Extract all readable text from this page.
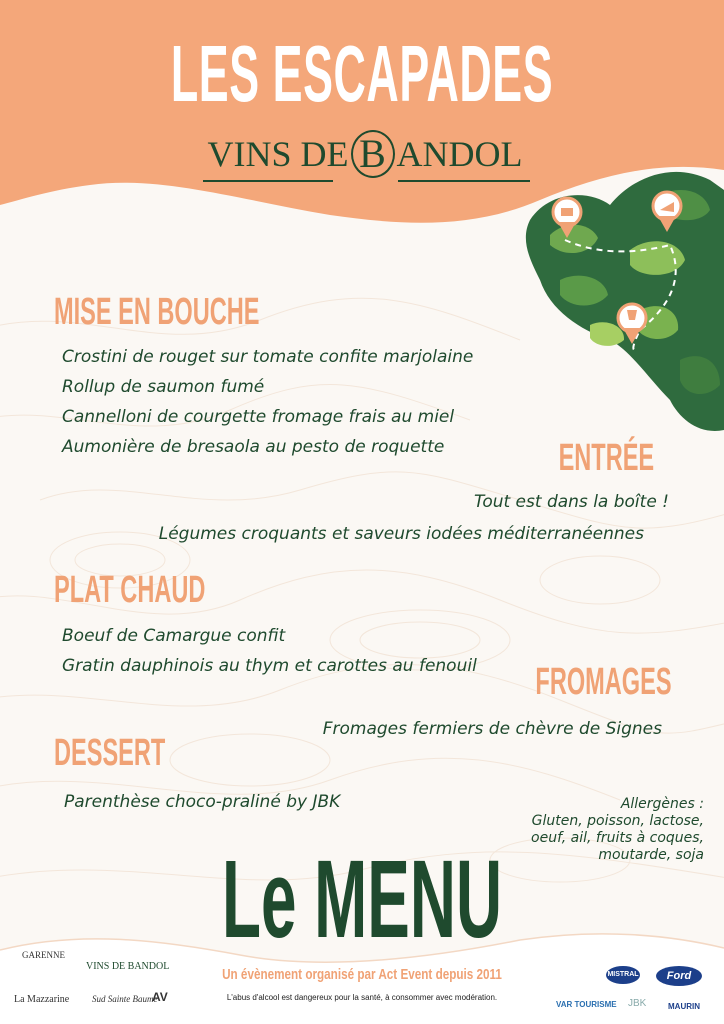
LES ESCAPADES
VINS DE B ANDOL
MISE EN BOUCHE
Crostini de rouget sur tomate confite marjolaine
Rollup de saumon fumé
Cannelloni de courgette fromage frais au miel
Aumonière de bresaola au pesto de roquette	ENTRÉE
Tout est dans la boîte !
Légumes croquants et saveurs iodées méditerranéennes
PLAT CHAUD
Boeuf de Camargue confit
Gratin dauphinois au thym et carottes au fenouil FROMAGES
Fromages fermiers de chèvre de Signes
DESSERT
Parenthèse choco-praliné by JBK	Allergènes :
Gluten, poisson, lactose,
oeuf, ail, fruits à coques,
moutarde, soja
Le MENU
Un évènement organisé par Act Event depuis 2011
L'abus d'alcool est dangereux pour la santé, à consommer avec modération.
GARENNE
VINS DE BANDOL
La Mazzarine	Sud Sainte Baume
AV
MISTRAL	Ford
VAR TOURISME JBK	MAURIN
